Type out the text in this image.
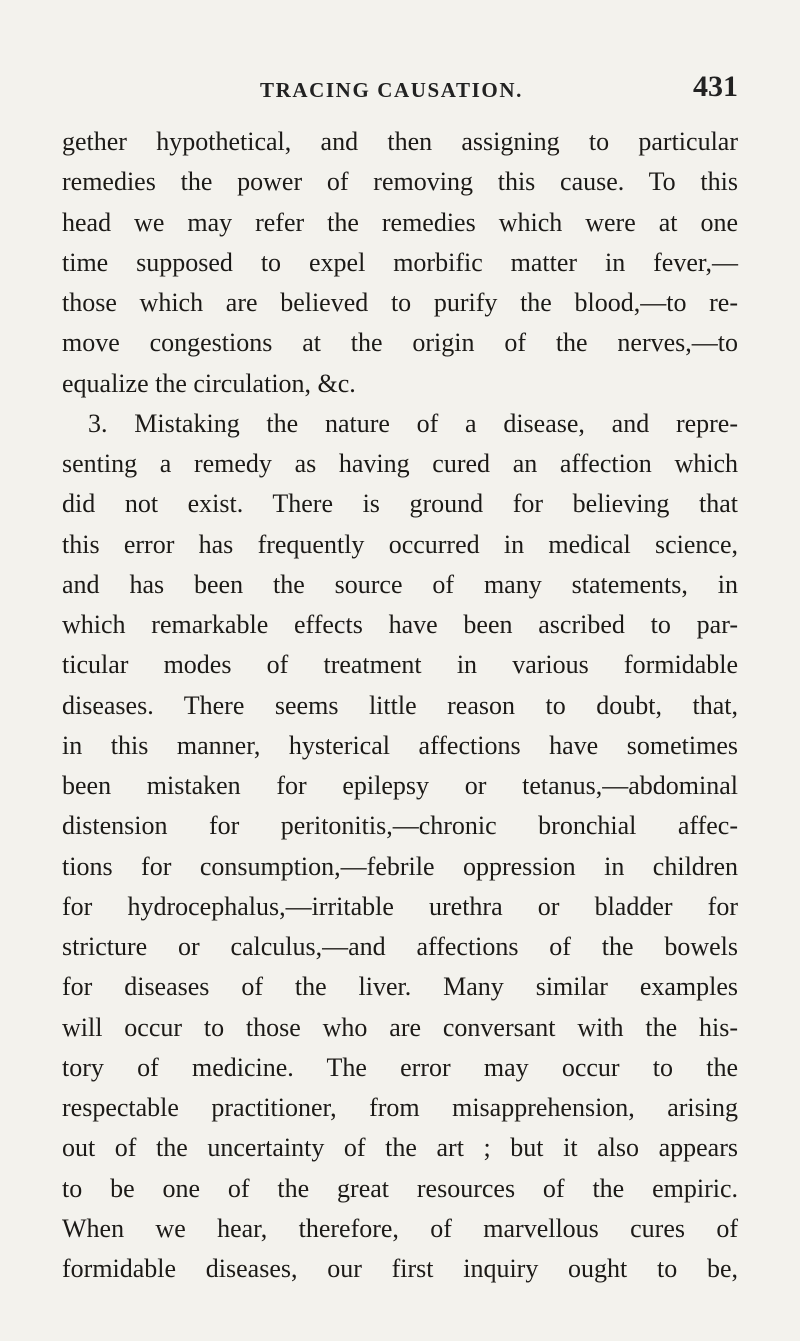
TRACING CAUSATION.	431
gether hypothetical, and then assigning to particular
remedies the power of removing this cause. To this
head we may refer the remedies which were at one
time supposed to expel morbific matter in fever,—
those which are believed to purify the blood,—to re-
move congestions at the origin of the nerves,—to
equalize the circulation, &c.
3. Mistaking the nature of a disease, and repre-
senting a remedy as having cured an affection which
did not exist. There is ground for believing that
this error has frequently occurred in medical science,
and has been the source of many statements, in
which remarkable effects have been ascribed to par-
ticular modes of treatment in various formidable
diseases. There seems little reason to doubt, that,
in this manner, hysterical affections have sometimes
been mistaken for epilepsy or tetanus,—abdominal
distension for peritonitis,—chronic bronchial affec-
tions for consumption,—febrile oppression in children
for hydrocephalus,—irritable urethra or bladder for
stricture or calculus,—and affections of the bowels
for diseases of the liver. Many similar examples
will occur to those who are conversant with the his-
tory of medicine. The error may occur to the
respectable practitioner, from misapprehension, arising
out of the uncertainty of the art ; but it also appears
to be one of the great resources of the empiric.
When we hear, therefore, of marvellous cures of
formidable diseases, our first inquiry ought to be,
